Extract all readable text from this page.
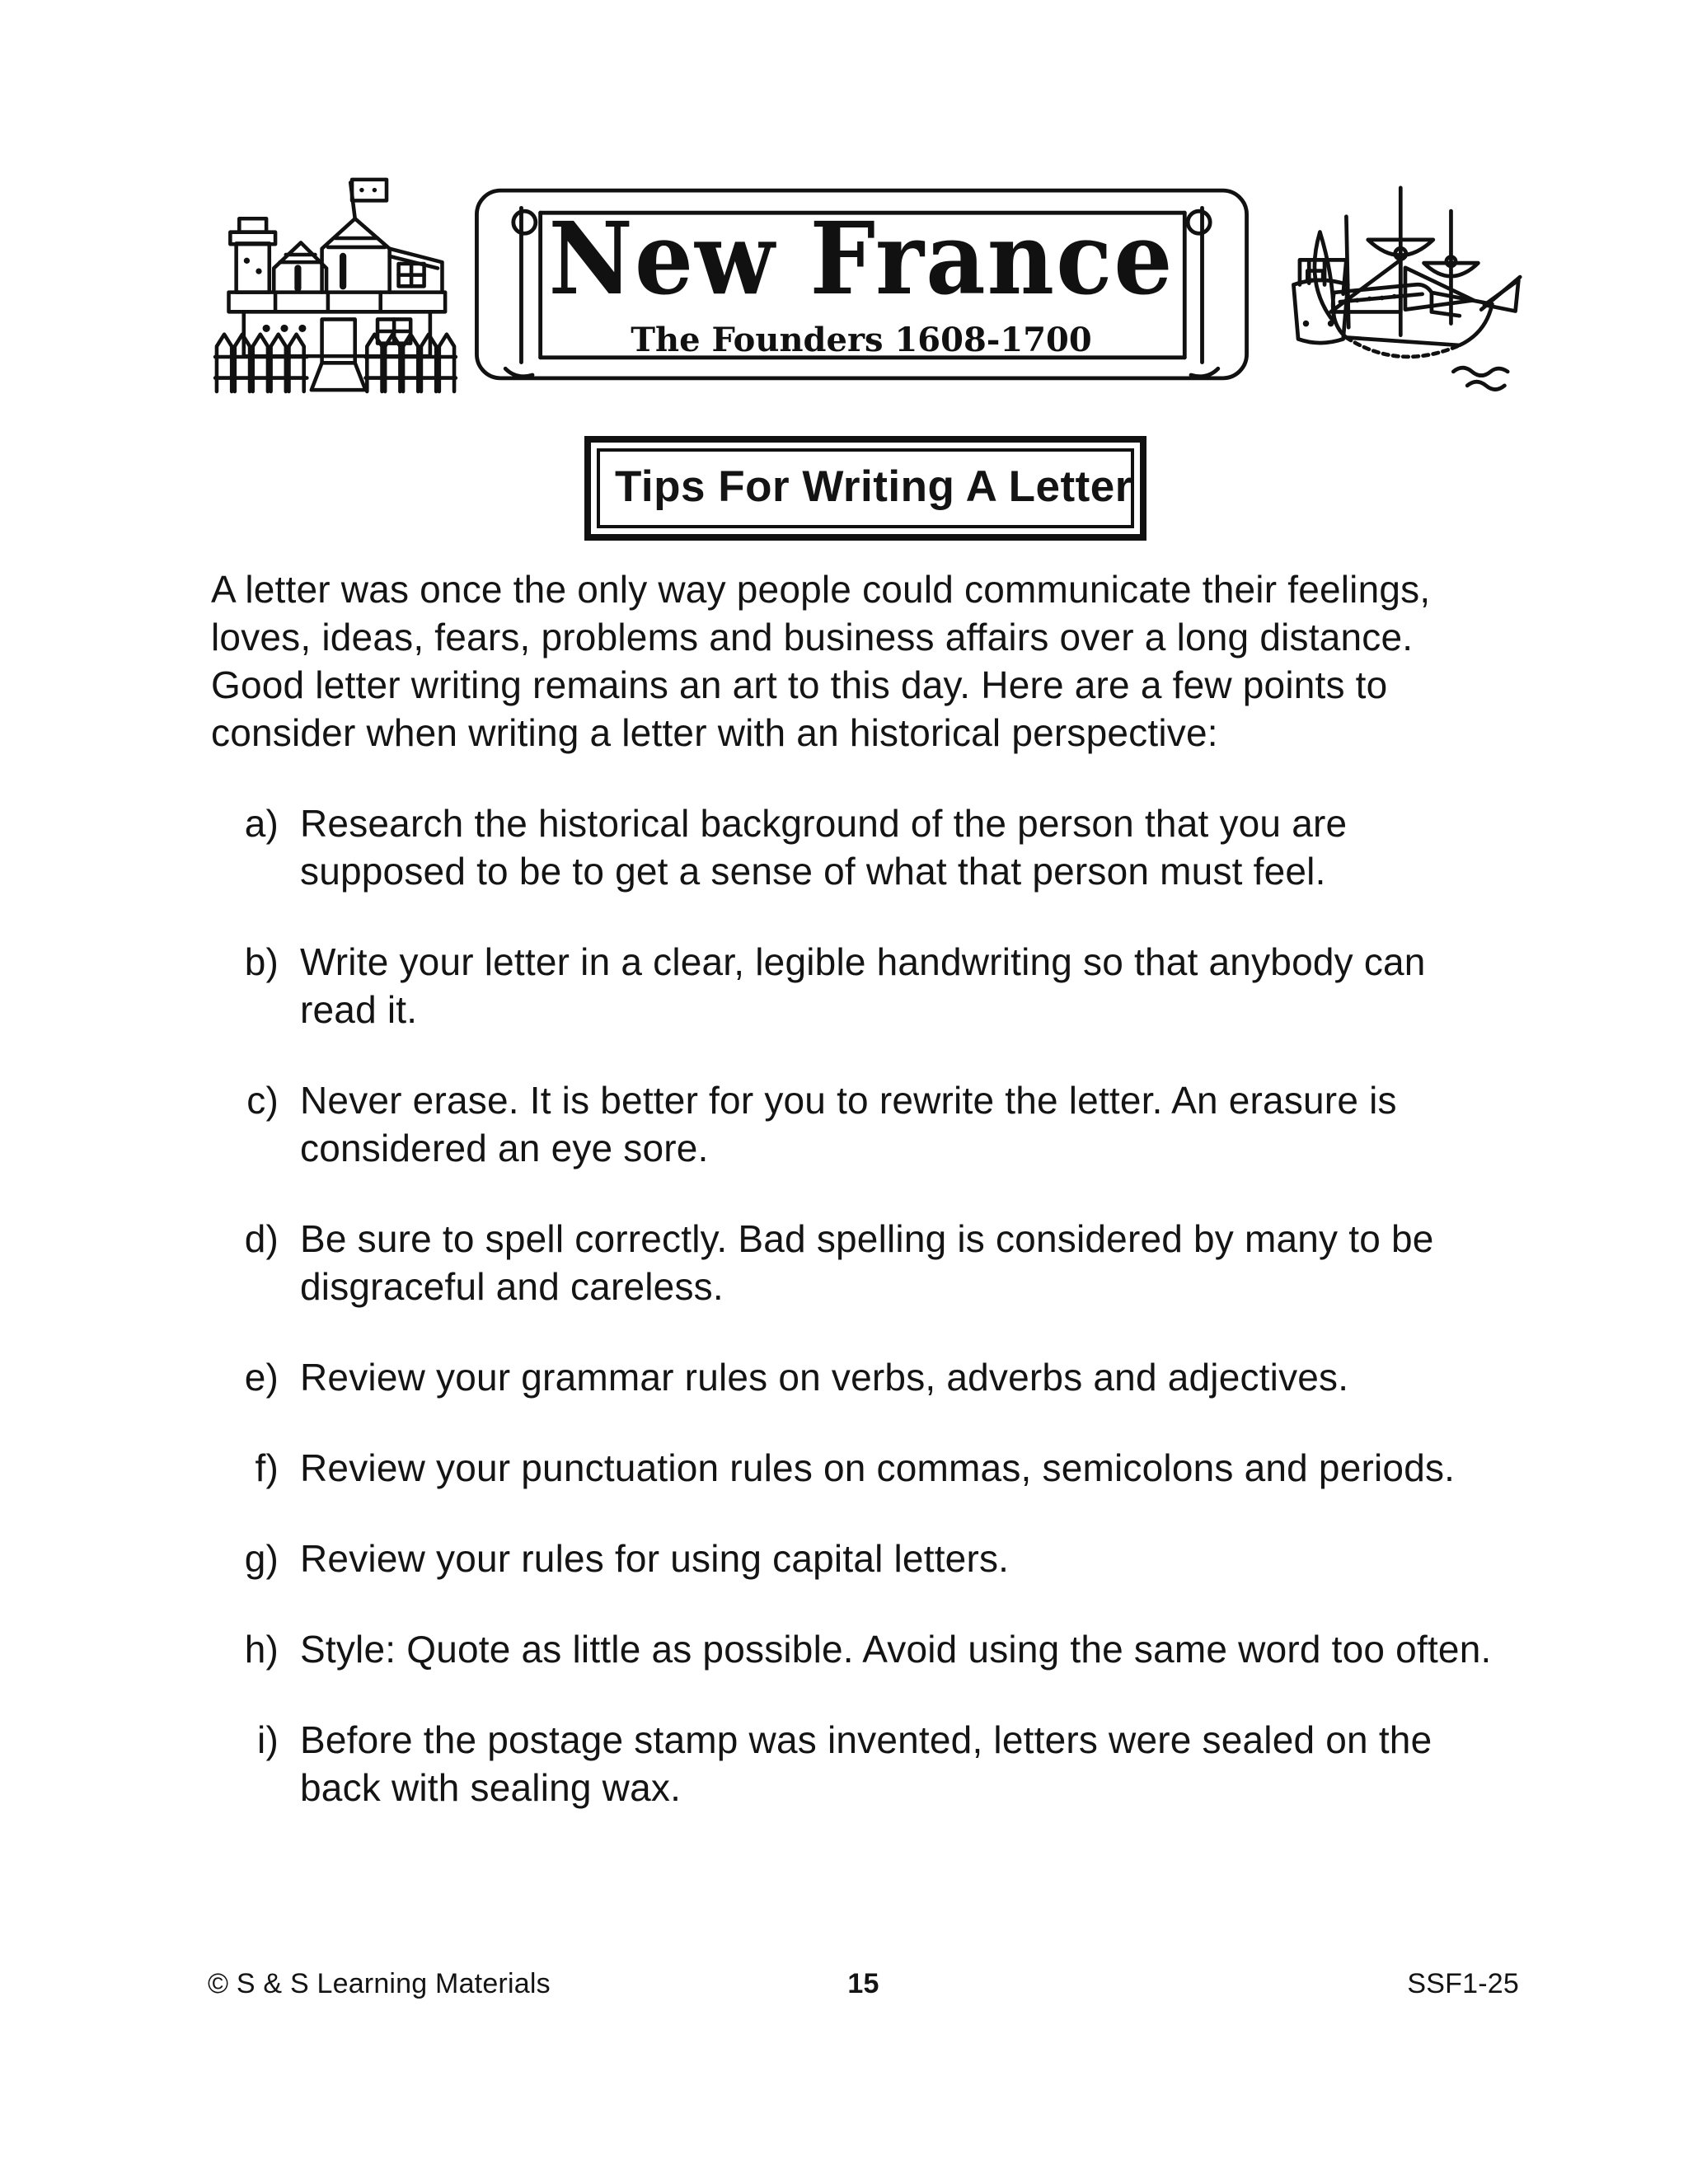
New France
The Founders 1608-1700
Tips For Writing A Letter

A letter was once the only way people could communicate their feelings, loves, ideas, fears, problems and business affairs over a long distance. Good letter writing remains an art to this day. Here are a few points to consider when writing a letter with an historical perspective:

a) Research the historical background of the person that you are supposed to be to get a sense of what that person must feel.
b) Write your letter in a clear, legible handwriting so that anybody can read it.
c) Never erase. It is better for you to rewrite the letter. An erasure is considered an eye sore.
d) Be sure to spell correctly. Bad spelling is considered by many to be disgraceful and careless.
e) Review your grammar rules on verbs, adverbs and adjectives.
f) Review your punctuation rules on commas, semicolons and periods.
g) Review your rules for using capital letters.
h) Style: Quote as little as possible. Avoid using the same word too often.
i) Before the postage stamp was invented, letters were sealed on the back with sealing wax.
© S & S Learning Materials	15	SSF1-25
